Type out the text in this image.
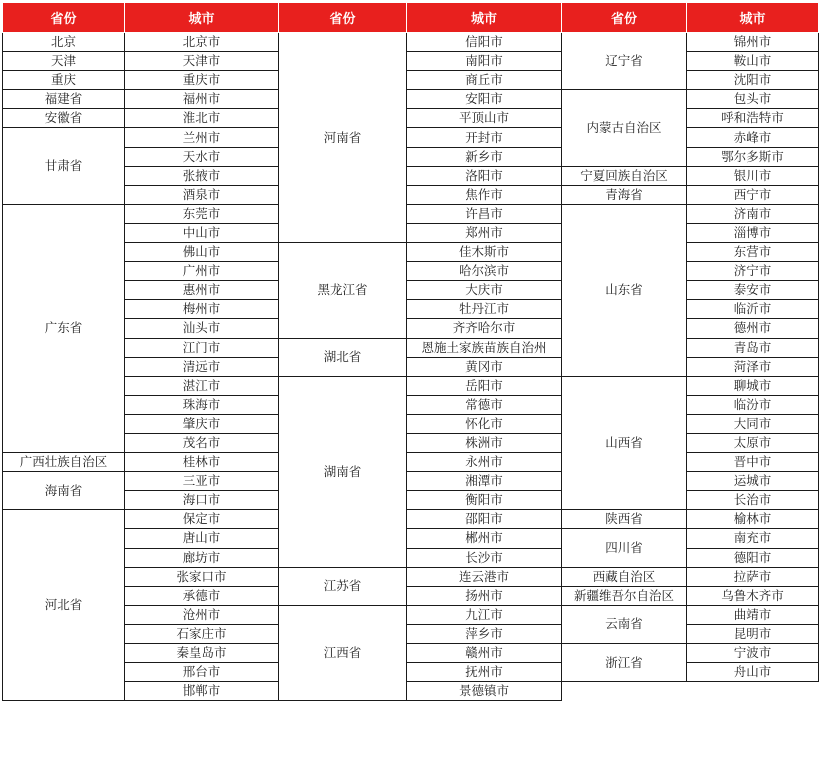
省份	城市	省份	城市	省份	城市
北京	北京市	河南省	信阳市	辽宁省	锦州市
天津	天津市		南阳市		鞍山市
重庆	重庆市		商丘市		沈阳市
福建省	福州市		安阳市	内蒙古自治区	包头市
安徽省	淮北市		平顶山市		呼和浩特市
甘肃省	兰州市		开封市		赤峰市
	天水市		新乡市		鄂尔多斯市
	张掖市		洛阳市	宁夏回族自治区	银川市
	酒泉市		焦作市	青海省	西宁市
广东省	东莞市		许昌市	山东省	济南市
	中山市		郑州市		淄博市
	佛山市	黑龙江省	佳木斯市		东营市
	广州市		哈尔滨市		济宁市
	惠州市		大庆市		泰安市
	梅州市		牡丹江市		临沂市
	汕头市		齐齐哈尔市		德州市
	江门市	湖北省	恩施土家族苗族自治州		青岛市
	清远市		黄冈市		菏泽市
	湛江市	湖南省	岳阳市	山西省	聊城市
	珠海市		常德市		临汾市
	肇庆市		怀化市		大同市
	茂名市		株洲市		太原市
广西壮族自治区	桂林市		永州市		晋中市
海南省	三亚市		湘潭市		运城市
	海口市		衡阳市		长治市
河北省	保定市		邵阳市	陕西省	榆林市
	唐山市		郴州市	四川省	南充市
	廊坊市		长沙市		德阳市
	张家口市	江苏省	连云港市	西藏自治区	拉萨市
	承德市		扬州市	新疆维吾尔自治区	乌鲁木齐市
	沧州市	江西省	九江市	云南省	曲靖市
	石家庄市		萍乡市		昆明市
	秦皇岛市		赣州市	浙江省	宁波市
	邢台市		抚州市		舟山市
	邯郸市		景德镇市		
